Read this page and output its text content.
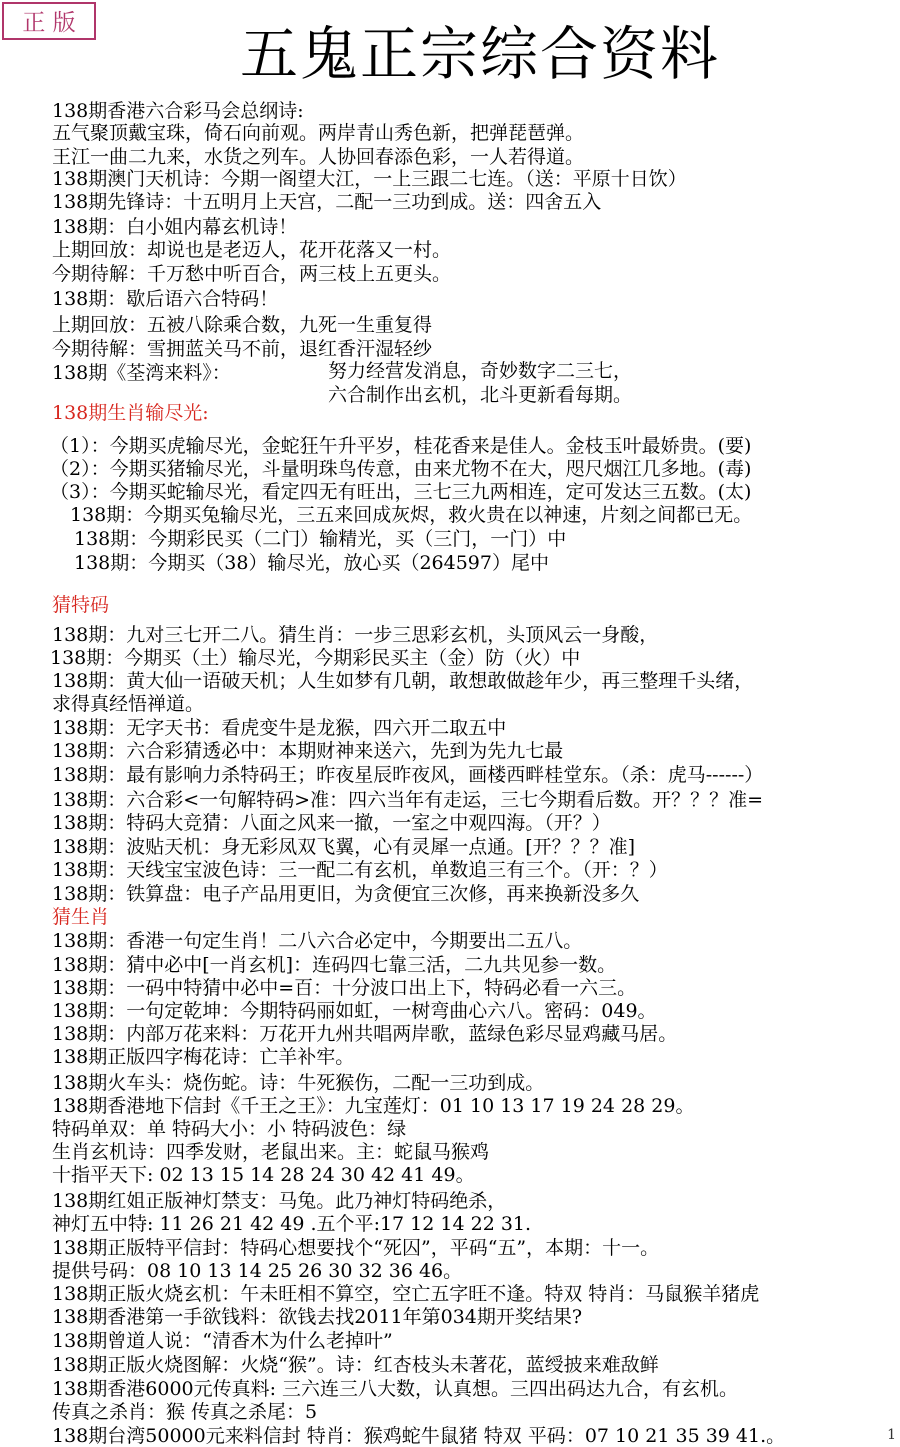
正 版	五鬼正宗综合资料
138期香港六合彩马会总纲诗:
五气聚顶戴宝珠，倚石向前观。两岸青山秀色新，把弹琵琶弹。
王江一曲二九来，水货之列车。人协回春添色彩，一人若得道。
138期澳门天机诗：今期一阁望大江，一上三跟二七连。（送：平原十日饮）
138期先锋诗：十五明月上天宫，二配一三功到成。送：四舍五入
138期：白小姐内幕玄机诗！
上期回放：却说也是老迈人，花开花落又一村。
今期待解：千万愁中听百合，两三枝上五更头。
138期：歇后语六合特码！
上期回放：五被八除乘合数，九死一生重复得
今期待解：雪拥蓝关马不前，退红香汗湿轻纱
138期《荃湾来料》：	努力经营发消息，奇妙数字二三七，
六合制作出玄机，北斗更新看每期。
138期生肖输尽光:
（1）：今期买虎输尽光，金蛇狂午升平岁，桂花香来是佳人。金枝玉叶最娇贵。(要)
（2）：今期买猪输尽光，斗量明珠鸟传意，由来尤物不在大，咫尺烟江几多地。(毒)
（3）：今期买蛇输尽光，看定四无有旺出，三七三九两相连，定可发达三五数。(太)
138期：今期买兔输尽光，三五来回成灰烬，救火贵在以神速，片刻之间都已无。
138期：今期彩民买（二门）输精光，买（三门，一门）中
138期：今期买（38）输尽光，放心买（264597）尾中
猜特码
138期：九对三七开二八。猜生肖：一步三思彩玄机，头顶风云一身酸，
138期：今期买（土）输尽光，今期彩民买主（金）防（火）中
138期：黄大仙一语破天机；人生如梦有几朝，敢想敢做趁年少，再三整理千头绪，
求得真经悟禅道。
138期：无字天书：看虎变牛是龙猴，四六开二取五中
138期：六合彩猜透必中：本期财神来送六，先到为先九七最
138期：最有影响力杀特码王；昨夜星辰昨夜风，画楼西畔桂堂东。（杀：虎马------）
138期：六合彩<一句解特码>准：四六当年有走运，三七今期看后数。开？？？准=
138期：特码大竞猜：八面之风来一撤，一室之中观四海。（开？）
138期：波贴天机：身无彩凤双飞翼，心有灵犀一点通。[开？？？准]
138期：天线宝宝波色诗：三一配二有玄机，单数追三有三个。（开：？）
138期：铁算盘：电子产品用更旧，为贪便宜三次修，再来换新没多久
猜生肖
138期：香港一句定生肖！二八六合必定中，今期要出二五八。
138期：猜中必中[一肖玄机]：连码四七靠三活，二九共见参一数。
138期：一码中特猜中必中=百：十分波口出上下，特码必看一六三。
138期：一句定乾坤：今期特码丽如虹，一树弯曲心六八。密码：049。
138期：内部万花来料：万花开九州共唱两岸歌，蓝绿色彩尽显鸡藏马居。
138期正版四字梅花诗：亡羊补牢。
138期火车头：烧伤蛇。诗：牛死猴伤，二配一三功到成。
138期香港地下信封《千王之王》：九宝莲灯：01 10 13 17 19 24 28 29。
特码单双：单 特码大小：小 特码波色：绿
生肖玄机诗：四季发财，老鼠出来。主：蛇鼠马猴鸡
十指平天下: 02 13 15 14 28 24 30 42 41 49。
138期红姐正版神灯禁支：马兔。此乃神灯特码绝杀，
神灯五中特: 11 26 21 42 49 .五个平:17 12 14 22 31.
138期正版特平信封：特码心想要找个“死囚”，平码“五”，本期：十一。
提供号码：08 10 13 14 25 26 30 32 36 46。
138期正版火烧玄机：午未旺相不算空，空亡五字旺不逢。特双 特肖：马鼠猴羊猪虎
138期香港第一手欲钱料：欲钱去找2011年第034期开奖结果?
138期曾道人说：“清香木为什么老掉叶”
138期正版火烧图解：火烧“猴”。诗：红杏枝头未著花，蓝绶披来难敌鲜
138期香港6000元传真料: 三六连三八大数，认真想。三四出码达九合，有玄机。
传真之杀肖：猴 传真之杀尾：5
138期台湾50000元来料信封 特肖：猴鸡蛇牛鼠猪 特双 平码：07 10 21 35 39 41.。	1
